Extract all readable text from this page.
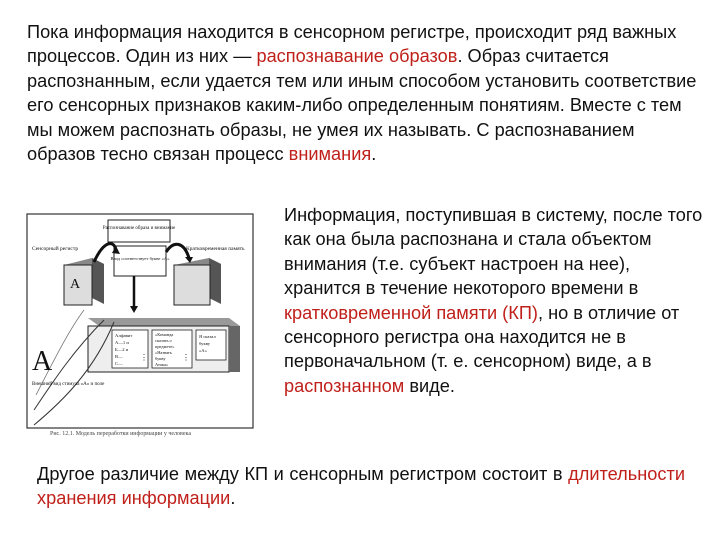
Пока информация находится в сенсорном регистре, происходит ряд важных процессов. Один из них — распознавание образов. Образ считается распознанным, если удается тем или иным способом установить соответствие его сенсорных признаков каким-либо определенным понятиям. Вместе с тем мы можем распознать образы, не умея их называть. С распознаванием образов тесно связан процесс внимания.
Распознавание образа и внимание
Ввод соответствует букве «А»
Сенсорный регистр
А
Кратковременная память
Алфавит
А—1 и
Б—2 и
В—
С—
«Команда
сказать о
предмете»
«Назвать
букву
Атака»
Я сказал
букву
«А»
⋮	⋮
А
Внешний вид стимула «А» и поле
Рис. 12.1. Модель переработки информации у человека
Информация, поступившая в систему, после того как она была распознана и стала объектом внимания (т.е. субъект настроен на нее), хранится в течение некоторого времени в кратковременной памяти (КП), но в отличие от сенсорного регистра она находится не в первоначальном (т. е. сенсорном) виде, а в распознанном виде.
Другое различие между КП и сенсорным регистром состоит в длительности хранения информации.
